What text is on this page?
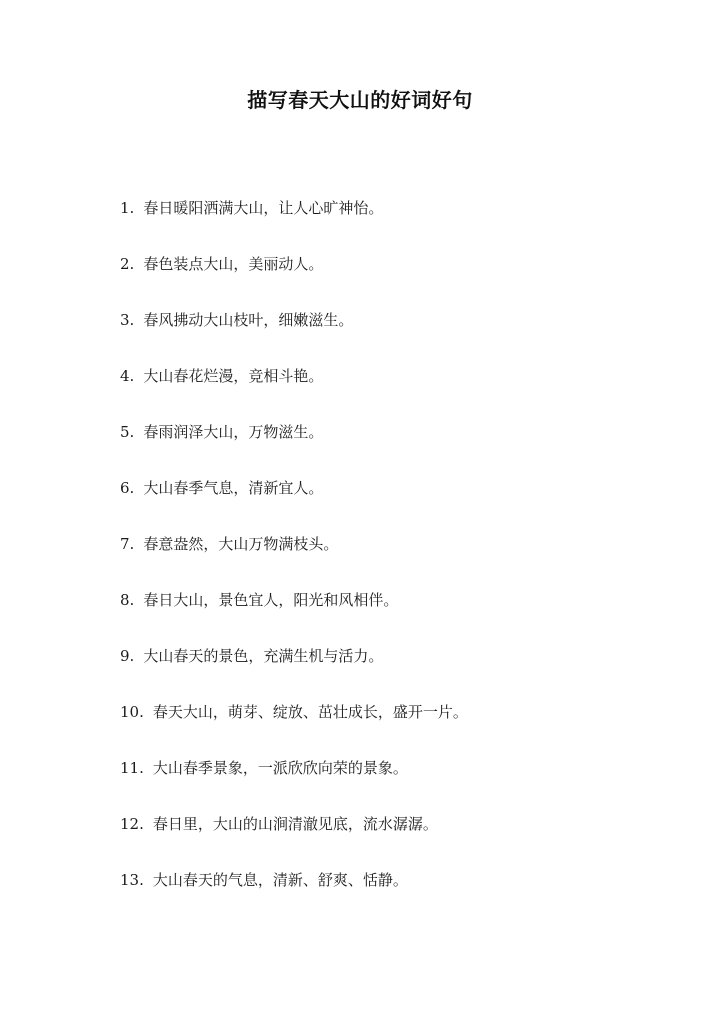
描写春天大山的好词好句
1. 春日暖阳洒满大山，让人心旷神怡。
2. 春色装点大山，美丽动人。
3. 春风拂动大山枝叶，细嫩滋生。
4. 大山春花烂漫，竞相斗艳。
5. 春雨润泽大山，万物滋生。
6. 大山春季气息，清新宜人。
7. 春意盎然，大山万物满枝头。
8. 春日大山，景色宜人，阳光和风相伴。
9. 大山春天的景色，充满生机与活力。
10. 春天大山，萌芽、绽放、茁壮成长，盛开一片。
11. 大山春季景象，一派欣欣向荣的景象。
12. 春日里，大山的山涧清澈见底，流水潺潺。
13. 大山春天的气息，清新、舒爽、恬静。
